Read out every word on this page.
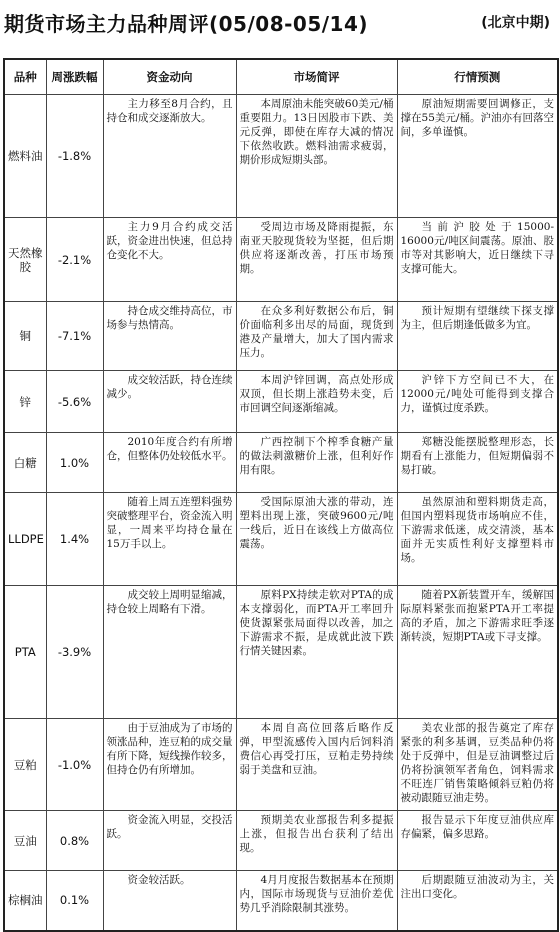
期货市场主力品种周评(05/08-05/14)	(北京中期)
品种	周涨跌幅	资金动向	市场简评	行情预测
燃料油	-1.8%	主力移至8月合约，且持仓和成交逐渐放大。	本周原油未能突破60美元/桶重要阻力。13日因股市下跌、美元反弹，即使在库存大减的情况下依然收跌。燃料油需求疲弱，期价形成短期头部。	原油短期需要回调修正，支撑在55美元/桶。沪油亦有回落空间，多单谨慎。
天然橡胶	-2.1%	主力9月合约成交活跃，资金进出快速，但总持仓变化不大。	受周边市场及降雨提振，东南亚天胶现货较为坚挺，但后期供应将逐渐改善，打压市场预期。	当前沪胶处于15000-16000元/吨区间震荡。原油、股市等对其影响大，近日继续下寻支撑可能大。
铜	-7.1%	持仓成交维持高位，市场参与热情高。	在众多利好数据公布后，铜价面临利多出尽的局面，现货到港及产量增大，加大了国内需求压力。	预计短期有望继续下探支撑为主，但后期逢低做多为宜。
锌	-5.6%	成交较活跃，持仓连续减少。	本周沪锌回调，高点处形成双顶，但长期上涨趋势未变，后市回调空间逐渐缩减。	沪锌下方空间已不大，在12000元/吨处可能得到支撑合力，谨慎过度杀跌。
白糖	1.0%	2010年度合约有所增仓，但整体仍处较低水平。	广西控制下个榨季食糖产量的做法刺激糖价上涨，但利好作用有限。	郑糖没能摆脱整理形态，长期看有上涨能力，但短期偏弱不易打破。
LLDPE	1.4%	随着上周五连塑料强势突破整理平台，资金流入明显，一周来平均持仓量在15万手以上。	受国际原油大涨的带动，连塑料出现上涨，突破9600元/吨一线后，近日在该线上方做高位震荡。	虽然原油和塑料期货走高，但国内塑料现货市场响应不佳，下游需求低迷，成交清淡，基本面并无实质性利好支撑塑料市场。
PTA	-3.9%	成交较上周明显缩减，持仓较上周略有下滑。	原料PX持续走软对PTA的成本支撑弱化，而PTA开工率回升使货源紧张局面得以改善，加之下游需求不振，是成就此波下跌行情关键因素。	随着PX新装置开车，缓解国际原料紧张而抱紧PTA开工率提高的矛盾，加之下游需求旺季逐渐转淡，短期PTA或下寻支撑。
豆粕	-1.0%	由于豆油成为了市场的领涨品种，连豆粕的成交量有所下降，短线操作较多，但持仓仍有所增加。	本周自高位回落后略作反弹，甲型流感传入国内后饲料消费信心再受打压，豆粕走势持续弱于美盘和豆油。	美农业部的报告奠定了库存紧张的利多基调，豆类品种仍将处于反弹中，但是豆油调整过后仍将扮演领军者角色，饲料需求不旺连厂销售策略倾斜豆粕仍将被动跟随豆油走势。
豆油	0.8%	资金流入明显，交投活跃。	预期美农业部报告利多提振上涨，但报告出台获利了结出现。	报告显示下年度豆油供应库存偏紧，偏多思路。
棕榈油	0.1%	资金较活跃。	4月月度报告数据基本在预期内，国际市场现货与豆油价差优势几乎消除限制其涨势。	后期跟随豆油波动为主，关注出口变化。
